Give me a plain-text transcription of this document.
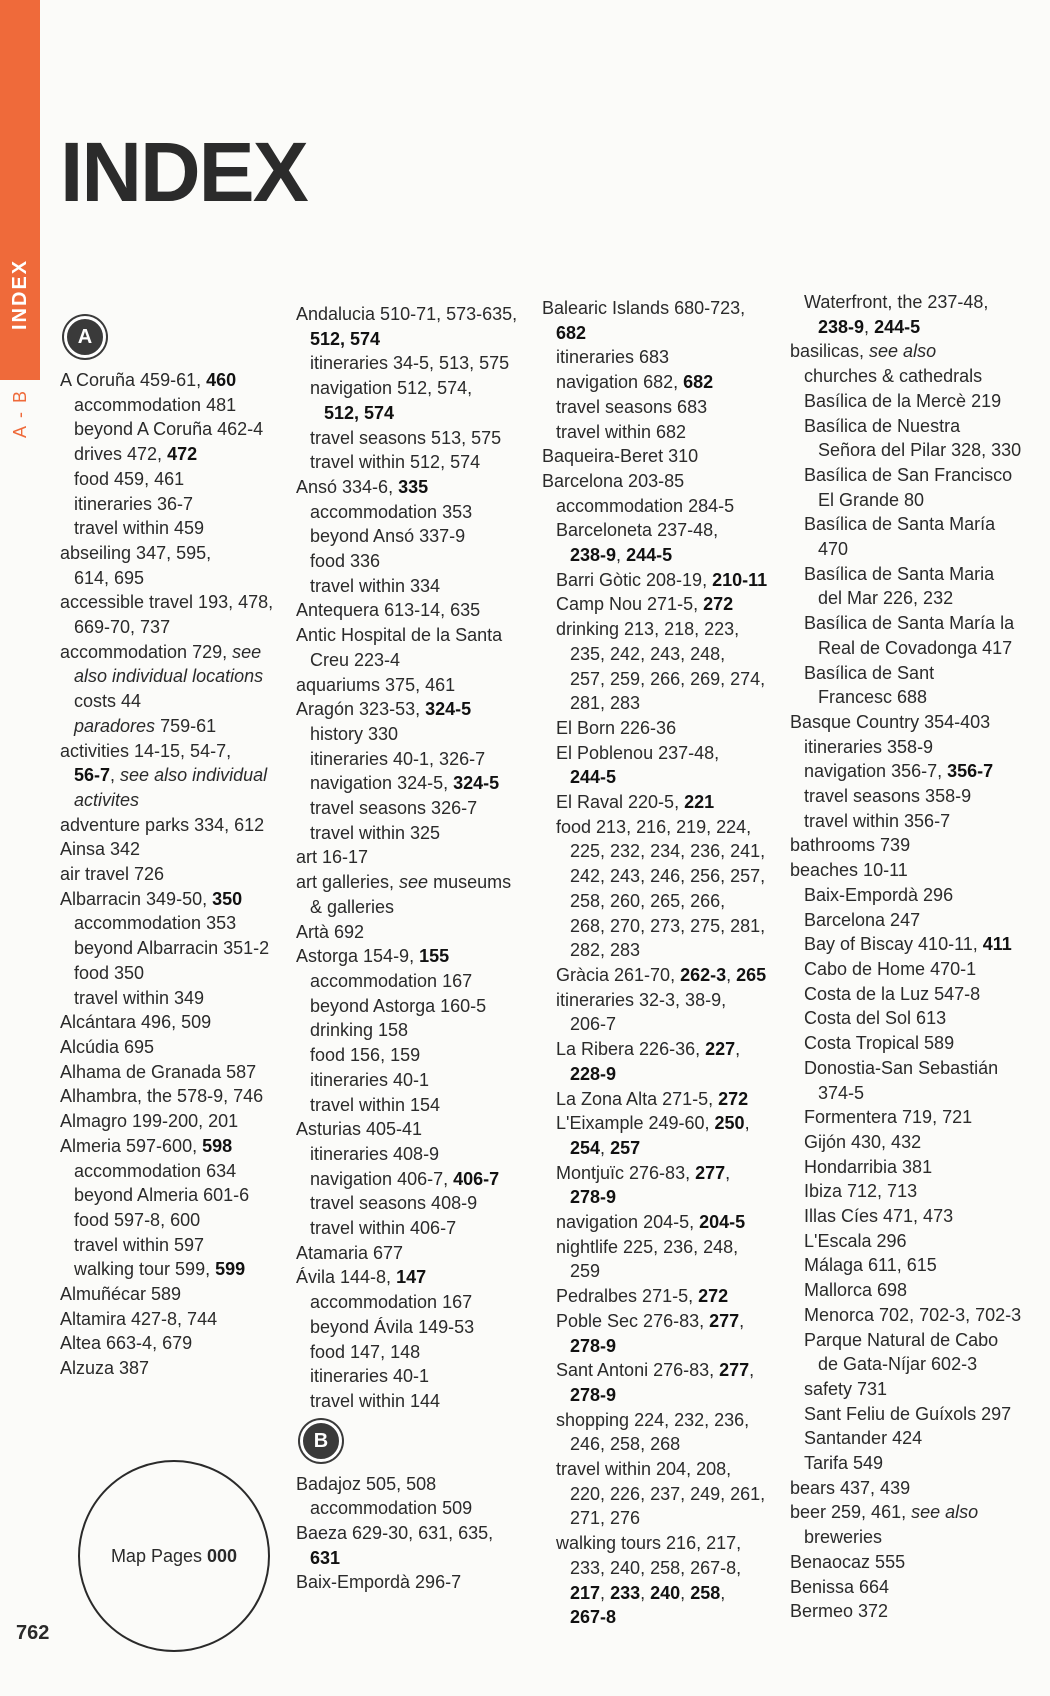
A - B
INDEX
A
A Coruña 459-61, 460
accommodation 481
beyond A Coruña 462-4
drives 472, 472
food 459, 461
itineraries 36-7
travel within 459
abseiling 347, 595,
614, 695
accessible travel 193, 478,
669-70, 737
accommodation 729, see
also individual locations
costs 44
paradores 759-61
activities 14-15, 54-7,
56-7, see also individual
activites
adventure parks 334, 612
Ainsa 342
air travel 726
Albarracin 349-50, 350
accommodation 353
beyond Albarracin 351-2
food 350
travel within 349
Alcántara 496, 509
Alcúdia 695
Alhama de Granada 587
Alhambra, the 578-9, 746
Almagro 199-200, 201
Almeria 597-600, 598
accommodation 634
beyond Almeria 601-6
food 597-8, 600
travel within 597
walking tour 599, 599
Almuñécar 589
Altamira 427-8, 744
Altea 663-4, 679
Alzuza 387
Andalucia 510-71, 573-635,
512, 574
itineraries 34-5, 513, 575
navigation 512, 574,
512, 574
travel seasons 513, 575
travel within 512, 574
Ansó 334-6, 335
accommodation 353
beyond Ansó 337-9
food 336
travel within 334
Antequera 613-14, 635
Antic Hospital de la Santa
Creu 223-4
aquariums 375, 461
Aragón 323-53, 324-5
history 330
itineraries 40-1, 326-7
navigation 324-5, 324-5
travel seasons 326-7
travel within 325
art 16-17
art galleries, see museums
& galleries
Artà 692
Astorga 154-9, 155
accommodation 167
beyond Astorga 160-5
drinking 158
food 156, 159
itineraries 40-1
travel within 154
Asturias 405-41
itineraries 408-9
navigation 406-7, 406-7
travel seasons 408-9
travel within 406-7
Atamaria 677
Ávila 144-8, 147
accommodation 167
beyond Ávila 149-53
food 147, 148
itineraries 40-1
travel within 144
B
Badajoz 505, 508
accommodation 509
Baeza 629-30, 631, 635,
631
Baix-Empordà 296-7
Balearic Islands 680-723,
682
itineraries 683
navigation 682, 682
travel seasons 683
travel within 682
Baqueira-Beret 310
Barcelona 203-85
accommodation 284-5
Barceloneta 237-48,
238-9, 244-5
Barri Gòtic 208-19, 210-11
Camp Nou 271-5, 272
drinking 213, 218, 223,
235, 242, 243, 248,
257, 259, 266, 269, 274,
281, 283
El Born 226-36
El Poblenou 237-48,
244-5
El Raval 220-5, 221
food 213, 216, 219, 224,
225, 232, 234, 236, 241,
242, 243, 246, 256, 257,
258, 260, 265, 266,
268, 270, 273, 275, 281,
282, 283
Gràcia 261-70, 262-3, 265
itineraries 32-3, 38-9,
206-7
La Ribera 226-36, 227,
228-9
La Zona Alta 271-5, 272
L'Eixample 249-60, 250,
254, 257
Montjuïc 276-83, 277,
278-9
navigation 204-5, 204-5
nightlife 225, 236, 248,
259
Pedralbes 271-5, 272
Poble Sec 276-83, 277,
278-9
Sant Antoni 276-83, 277,
278-9
shopping 224, 232, 236,
246, 258, 268
travel within 204, 208,
220, 226, 237, 249, 261,
271, 276
walking tours 216, 217,
233, 240, 258, 267-8,
217, 233, 240, 258,
267-8
Waterfront, the 237-48,
238-9, 244-5
basilicas, see also
churches & cathedrals
Basílica de la Mercè 219
Basílica de Nuestra
Señora del Pilar 328, 330
Basílica de San Francisco
El Grande 80
Basílica de Santa María
470
Basílica de Santa Maria
del Mar 226, 232
Basílica de Santa María la
Real de Covadonga 417
Basílica de Sant
Francesc 688
Basque Country 354-403
itineraries 358-9
navigation 356-7, 356-7
travel seasons 358-9
travel within 356-7
bathrooms 739
beaches 10-11
Baix-Empordà 296
Barcelona 247
Bay of Biscay 410-11, 411
Cabo de Home 470-1
Costa de la Luz 547-8
Costa del Sol 613
Costa Tropical 589
Donostia-San Sebastián
374-5
Formentera 719, 721
Gijón 430, 432
Hondarribia 381
Ibiza 712, 713
Illas Cíes 471, 473
L'Escala 296
Málaga 611, 615
Mallorca 698
Menorca 702, 702-3, 702-3
Parque Natural de Cabo
de Gata-Níjar 602-3
safety 731
Sant Feliu de Guíxols 297
Santander 424
Tarifa 549
bears 437, 439
beer 259, 461, see also
breweries
Benaocaz 555
Benissa 664
Bermeo 372
Map Pages 000
762
